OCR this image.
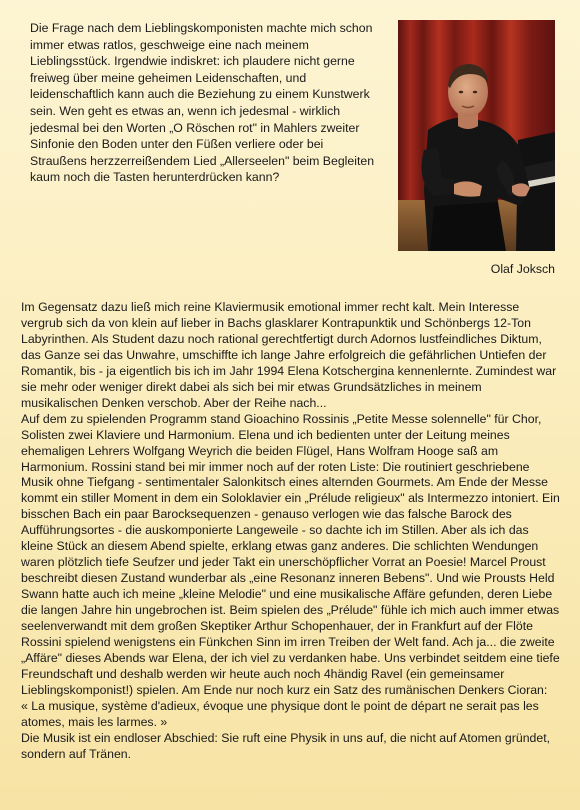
Die Frage nach dem Lieblingskomponisten machte mich schon immer etwas ratlos, geschweige eine nach meinem Lieblingsstück. Irgendwie indiskret: ich plaudere nicht gerne freiweg über meine geheimen Leidenschaften, und leidenschaftlich kann auch die Beziehung zu einem Kunstwerk sein. Wen geht es etwas an, wenn ich jedesmal - wirklich jedesmal bei den Worten „O Röschen rot" in Mahlers zweiter Sinfonie den Boden unter den Füßen verliere oder bei Straußens herzzerreißendem Lied „Allerseelen" beim Begleiten kaum noch die Tasten herunterdrücken kann?
Olaf Joksch

Im Gegensatz dazu ließ mich reine Klaviermusik emotional immer recht kalt. Mein Interesse vergrub sich da von klein auf lieber in Bachs glasklarer Kontrapunktik und Schönbergs 12-Ton Labyrinthen. Als Student dazu noch rational gerechtfertigt durch Adornos lustfeindliches Diktum, das Ganze sei das Unwahre, umschiffte ich lange Jahre erfolgreich die gefährlichen Untiefen der Romantik, bis - ja eigentlich bis ich im Jahr 1994 Elena Kotschergina kennenlernte. Zumindest war sie mehr oder weniger direkt dabei als sich bei mir etwas Grundsätzliches in meinem musikalischen Denken verschob. Aber der Reihe nach...

Auf dem zu spielenden Programm stand Gioachino Rossinis „Petite Messe solennelle" für Chor, Solisten zwei Klaviere und Harmonium. Elena und ich bedienten unter der Leitung meines ehemaligen Lehrers Wolfgang Weyrich die beiden Flügel, Hans Wolfram Hooge saß am Harmonium. Rossini stand bei mir immer noch auf der roten Liste: Die routiniert geschriebene Musik ohne Tiefgang - sentimentaler Salonkitsch eines alternden Gourmets. Am Ende der Messe kommt ein stiller Moment in dem ein Soloklavier ein „Prélude religieux" als Intermezzo intoniert. Ein bisschen Bach ein paar Barocksequenzen - genauso verlogen wie das falsche Barock des Aufführungsortes - die auskomponierte Langeweile - so dachte ich im Stillen. Aber als ich das kleine Stück an diesem Abend spielte, erklang etwas ganz anderes. Die schlichten Wendungen waren plötzlich tiefe Seufzer und jeder Takt ein unerschöpflicher Vorrat an Poesie! Marcel Proust beschreibt diesen Zustand wunderbar als „eine Resonanz inneren Bebens". Und wie Prousts Held Swann hatte auch ich meine „kleine Melodie" und eine musikalische Affäre gefunden, deren Liebe die langen Jahre hin ungebrochen ist. Beim spielen des „Prélude" fühle ich mich auch immer etwas seelenverwandt mit dem großen Skeptiker Arthur Schopenhauer, der in Frankfurt auf der Flöte Rossini spielend wenigstens ein Fünkchen Sinn im irren Treiben der Welt fand. Ach ja... die zweite „Affäre" dieses Abends war Elena, der ich viel zu verdanken habe. Uns verbindet seitdem eine tiefe Freundschaft und deshalb werden wir heute auch noch 4händig Ravel (ein gemeinsamer Lieblingskomponist!) spielen. Am Ende nur noch kurz ein Satz des rumänischen Denkers Cioran:

« La musique, système d'adieux, évoque une physique dont le point de départ ne serait pas les atomes, mais les larmes. »

Die Musik ist ein endloser Abschied: Sie ruft eine Physik in uns auf, die nicht auf Atomen gründet, sondern auf Tränen.
